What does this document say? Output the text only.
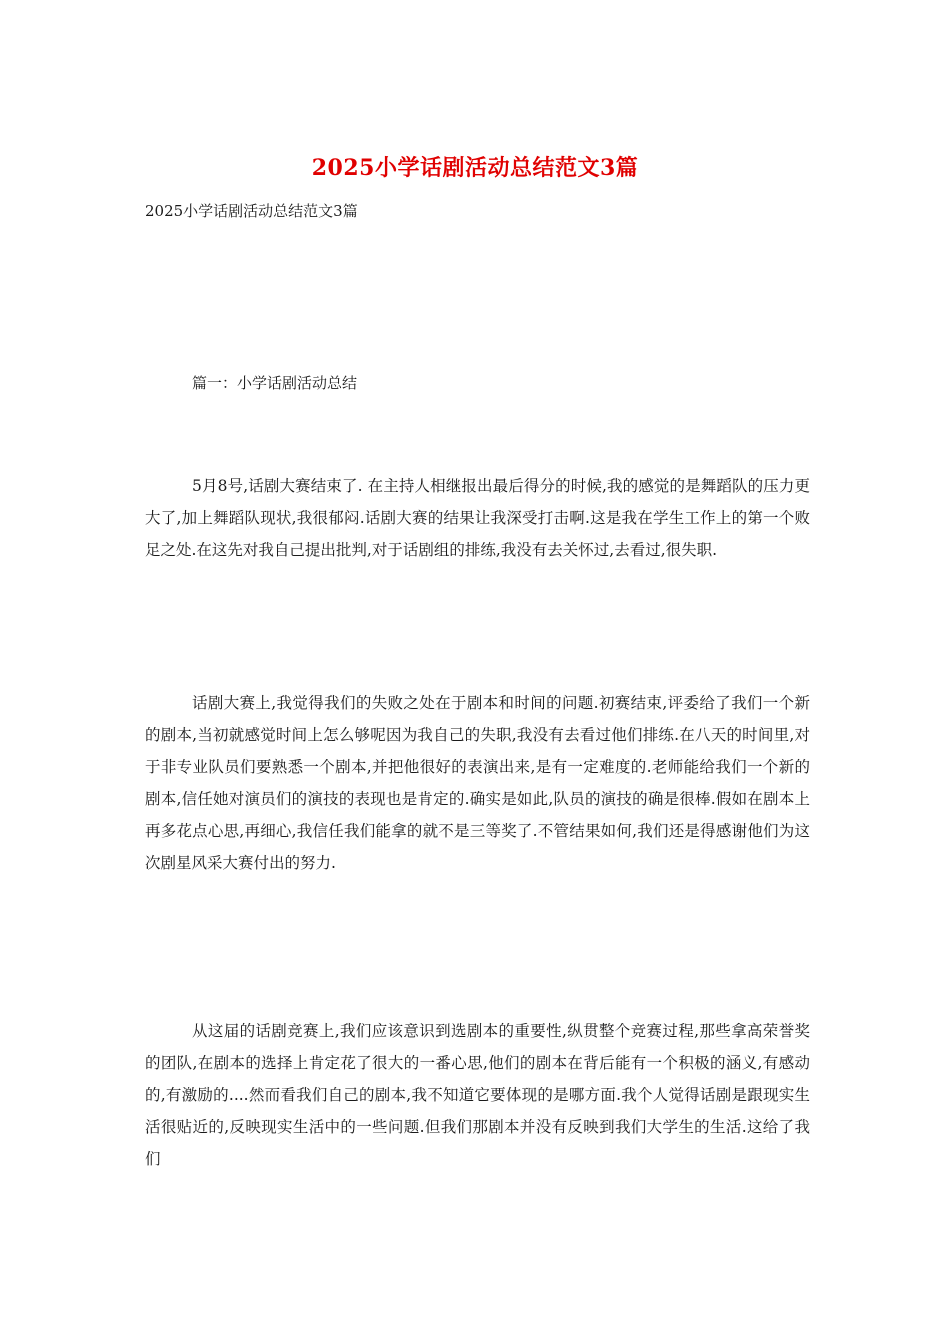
2025小学话剧活动总结范文3篇
2025小学话剧活动总结范文3篇
篇一：小学话剧活动总结

5月8号,话剧大赛结束了. 在主持人相继报出最后得分的时候,我的感觉的是舞蹈队的压力更大了,加上舞蹈队现状,我很郁闷.话剧大赛的结果让我深受打击啊.这是我在学生工作上的第一个败足之处.在这先对我自己提出批判,对于话剧组的排练,我没有去关怀过,去看过,很失职.

话剧大赛上,我觉得我们的失败之处在于剧本和时间的问题.初赛结束,评委给了我们一个新的剧本,当初就感觉时间上怎么够呢因为我自己的失职,我没有去看过他们排练.在八天的时间里,对于非专业队员们要熟悉一个剧本,并把他很好的表演出来,是有一定难度的.老师能给我们一个新的剧本,信任她对演员们的演技的表现也是肯定的.确实是如此,队员的演技的确是很棒.假如在剧本上再多花点心思,再细心,我信任我们能拿的就不是三等奖了.不管结果如何,我们还是得感谢他们为这次剧星风采大赛付出的努力.

从这届的话剧竞赛上,我们应该意识到选剧本的重要性,纵贯整个竞赛过程,那些拿高荣誉奖的团队,在剧本的选择上肯定花了很大的一番心思,他们的剧本在背后能有一个积极的涵义,有感动的,有激励的....然而看我们自己的剧本,我不知道它要体现的是哪方面.我个人觉得话剧是跟现实生活很贴近的,反映现实生活中的一些问题.但我们那剧本并没有反映到我们大学生的生活.这给了我们
